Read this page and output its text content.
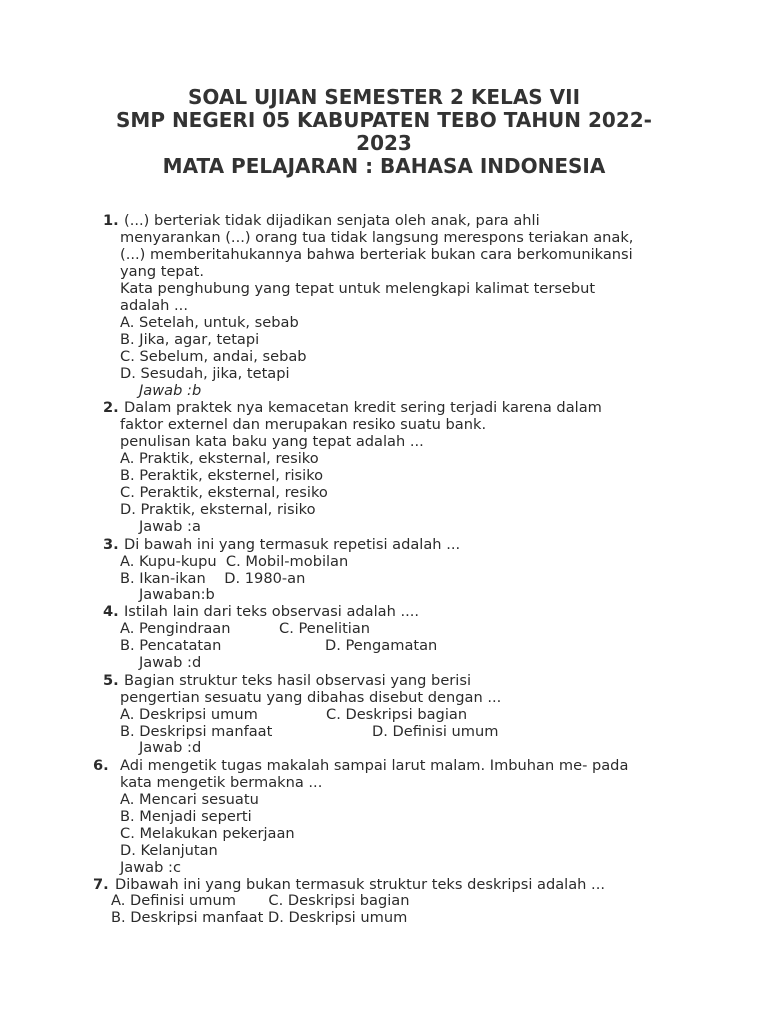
SOAL UJIAN SEMESTER 2 KELAS VII
SMP NEGERI 05 KABUPATEN TEBO TAHUN 2022-
2023
MATA PELAJARAN : BAHASA INDONESIA
1. (...) berteriak tidak dijadikan senjata oleh anak, para ahli
menyarankan (...) orang tua tidak langsung merespons teriakan anak,
(...) memberitahukannya bahwa berteriak bukan cara berkomunikansi
yang tepat.
Kata penghubung yang tepat untuk melengkapi kalimat tersebut
adalah ...
A. Setelah, untuk, sebab
B. Jika, agar, tetapi
C. Sebelum, andai, sebab
D. Sesudah, jika, tetapi
Jawab :b
2. Dalam praktek nya kemacetan kredit sering terjadi karena dalam
faktor externel dan merupakan resiko suatu bank.
penulisan kata baku yang tepat adalah ...
A. Praktik, eksternal, resiko
B. Peraktik, eksternel, risiko
C. Peraktik, eksternal, resiko
D. Praktik, eksternal, risiko
Jawab :a
3. Di bawah ini yang termasuk repetisi adalah ...
A. Kupu-kupu  C. Mobil-mobilan
B. Ikan-ikan    D. 1980-an
Jawaban:b
4. Istilah lain dari teks observasi adalah ....
A. Pengindraan	C. Penelitian
B. Pencatatan	D. Pengamatan
Jawab :d
5. Bagian struktur teks hasil observasi yang berisi
pengertian sesuatu yang dibahas disebut dengan ...
A. Deskripsi umum	C. Deskripsi bagian
B. Deskripsi manfaat	D. Definisi umum
Jawab :d
6. Adi mengetik tugas makalah sampai larut malam. Imbuhan me- pada
kata mengetik bermakna ...
A. Mencari sesuatu
B. Menjadi seperti
C. Melakukan pekerjaan
D. Kelanjutan
Jawab :c
7. Dibawah ini yang bukan termasuk struktur teks deskripsi adalah ...
A. Definisi umum       C. Deskripsi bagian
B. Deskripsi manfaat D. Deskripsi umum
